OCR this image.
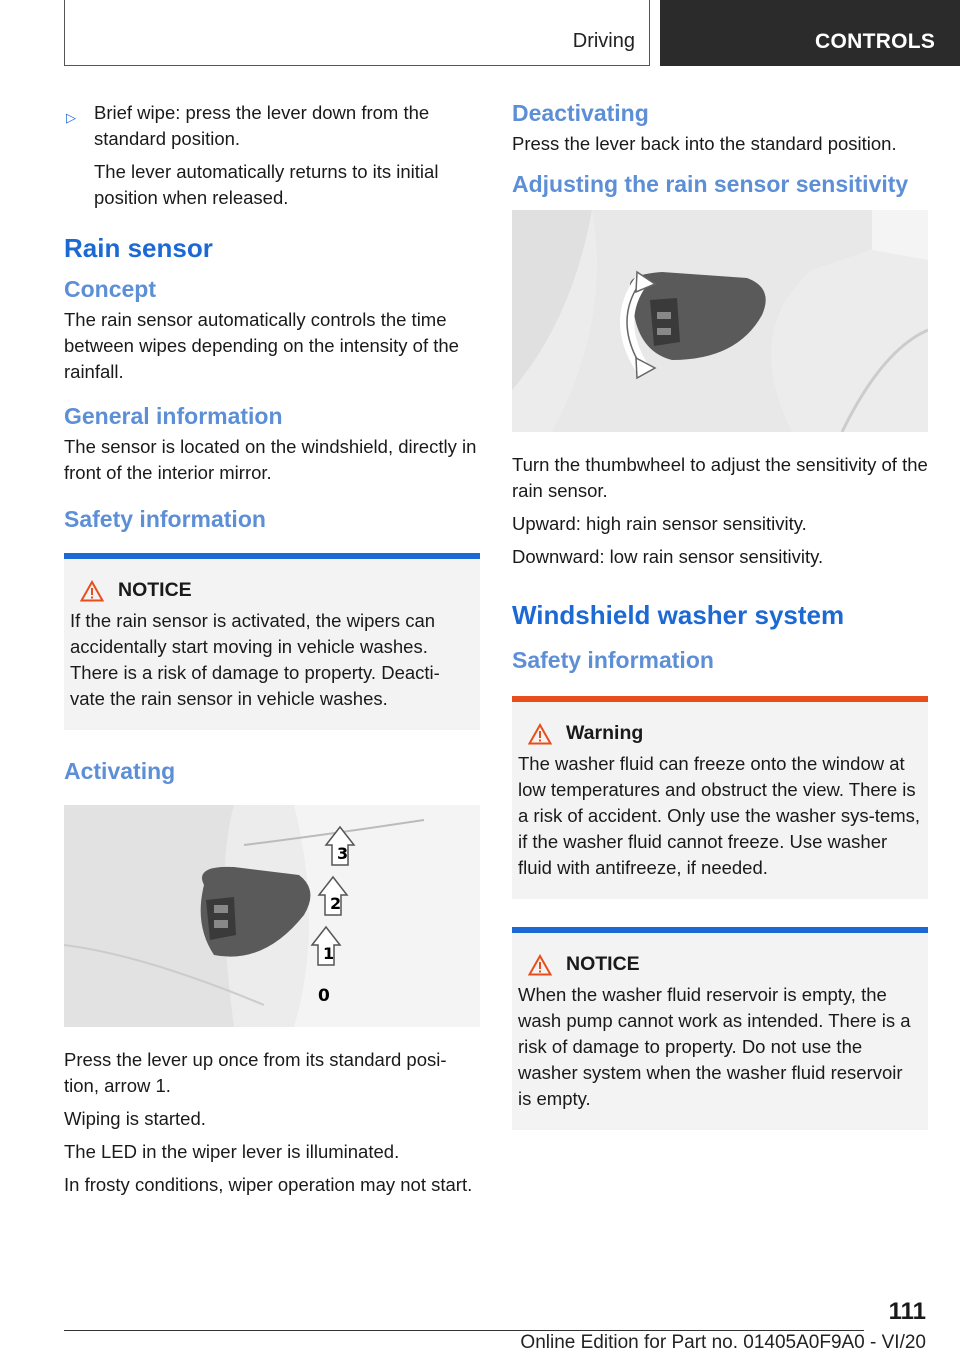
Driving	CONTROLS

▷ Brief wipe: press the lever down from the standard position.

The lever automatically returns to its initial position when released.

Rain sensor
Concept

The rain sensor automatically controls the time between wipes depending on the intensity of the rainfall.

General information

The sensor is located on the windshield, directly in front of the interior mirror.

Safety information
NOTICE

If the rain sensor is activated, the wipers can accidentally start moving in vehicle washes. There is a risk of damage to property. Deacti‐vate the rain sensor in vehicle washes.

Activating
3
2
1
0

Press the lever up once from its standard posi‐tion, arrow 1.

Wiping is started.

The LED in the wiper lever is illuminated.

In frosty conditions, wiper operation may not start.

Deactivating

Press the lever back into the standard position.

Adjusting the rain sensor sensitivity

Turn the thumbwheel to adjust the sensitivity of the rain sensor.

Upward: high rain sensor sensitivity.

Downward: low rain sensor sensitivity.

Windshield washer system
Safety information
Warning

The washer fluid can freeze onto the window at low temperatures and obstruct the view. There is a risk of accident. Only use the washer sys‐tems, if the washer fluid cannot freeze. Use washer fluid with antifreeze, if needed.

NOTICE

When the washer fluid reservoir is empty, the wash pump cannot work as intended. There is a risk of damage to property. Do not use the washer system when the washer fluid reservoir is empty.

111
Online Edition for Part no. 01405A0F9A0 - VI/20
